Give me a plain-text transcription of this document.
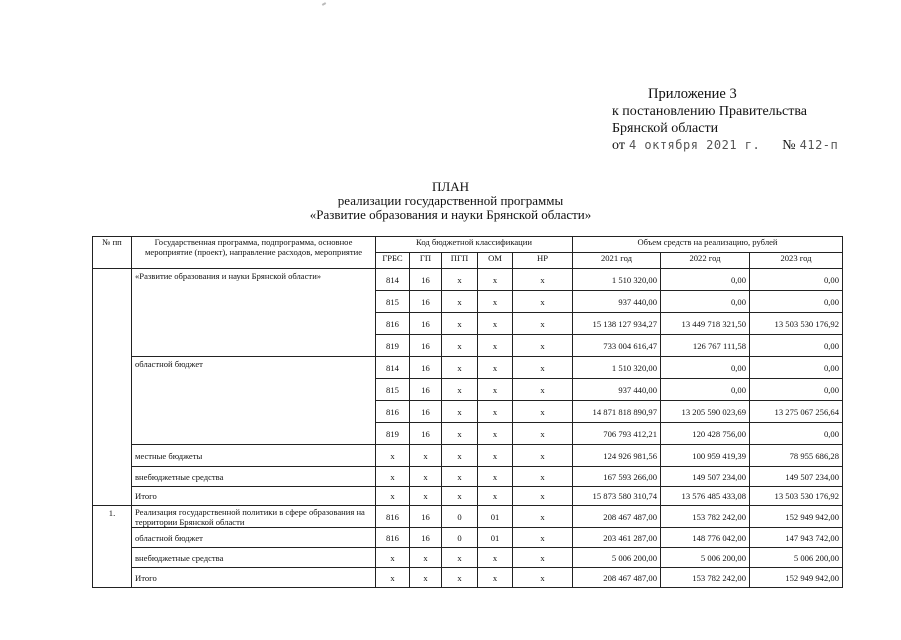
Приложение 3
к постановлению Правительства
Брянской области
от 4 октября 2021 г. № 412-п
ПЛАН
реализации государственной программы
«Развитие образования и науки Брянской области»
№ пп	Государственная программа, подпрограмма, основное мероприятие (проект), направление расходов, мероприятие	Код бюджетной классификации					Объем средств на реализацию, рублей		
		ГРБС	ГП	ПГП	ОМ	НР	2021 год	2022 год	2023 год
	«Развитие образования и науки Брянской области»	814	16	х	х	х	1 510 320,00	0,00	0,00
		815	16	х	х	х	937 440,00	0,00	0,00
		816	16	х	х	х	15 138 127 934,27	13 449 718 321,50	13 503 530 176,92
		819	16	х	х	х	733 004 616,47	126 767 111,58	0,00
	областной бюджет	814	16	х	х	х	1 510 320,00	0,00	0,00
		815	16	х	х	х	937 440,00	0,00	0,00
		816	16	х	х	х	14 871 818 890,97	13 205 590 023,69	13 275 067 256,64
		819	16	х	х	х	706 793 412,21	120 428 756,00	0,00
	местные бюджеты	х	х	х	х	х	124 926 981,56	100 959 419,39	78 955 686,28
	внебюджетные средства	х	х	х	х	х	167 593 266,00	149 507 234,00	149 507 234,00
	Итого	х	х	х	х	х	15 873 580 310,74	13 576 485 433,08	13 503 530 176,92
1.	Реализация государственной политики в сфере образования на территории Брянской области	816	16	0	01	х	208 467 487,00	153 782 242,00	152 949 942,00
	областной бюджет	816	16	0	01	х	203 461 287,00	148 776 042,00	147 943 742,00
	внебюджетные средства	х	х	х	х	х	5 006 200,00	5 006 200,00	5 006 200,00
	Итого	х	х	х	х	х	208 467 487,00	153 782 242,00	152 949 942,00
